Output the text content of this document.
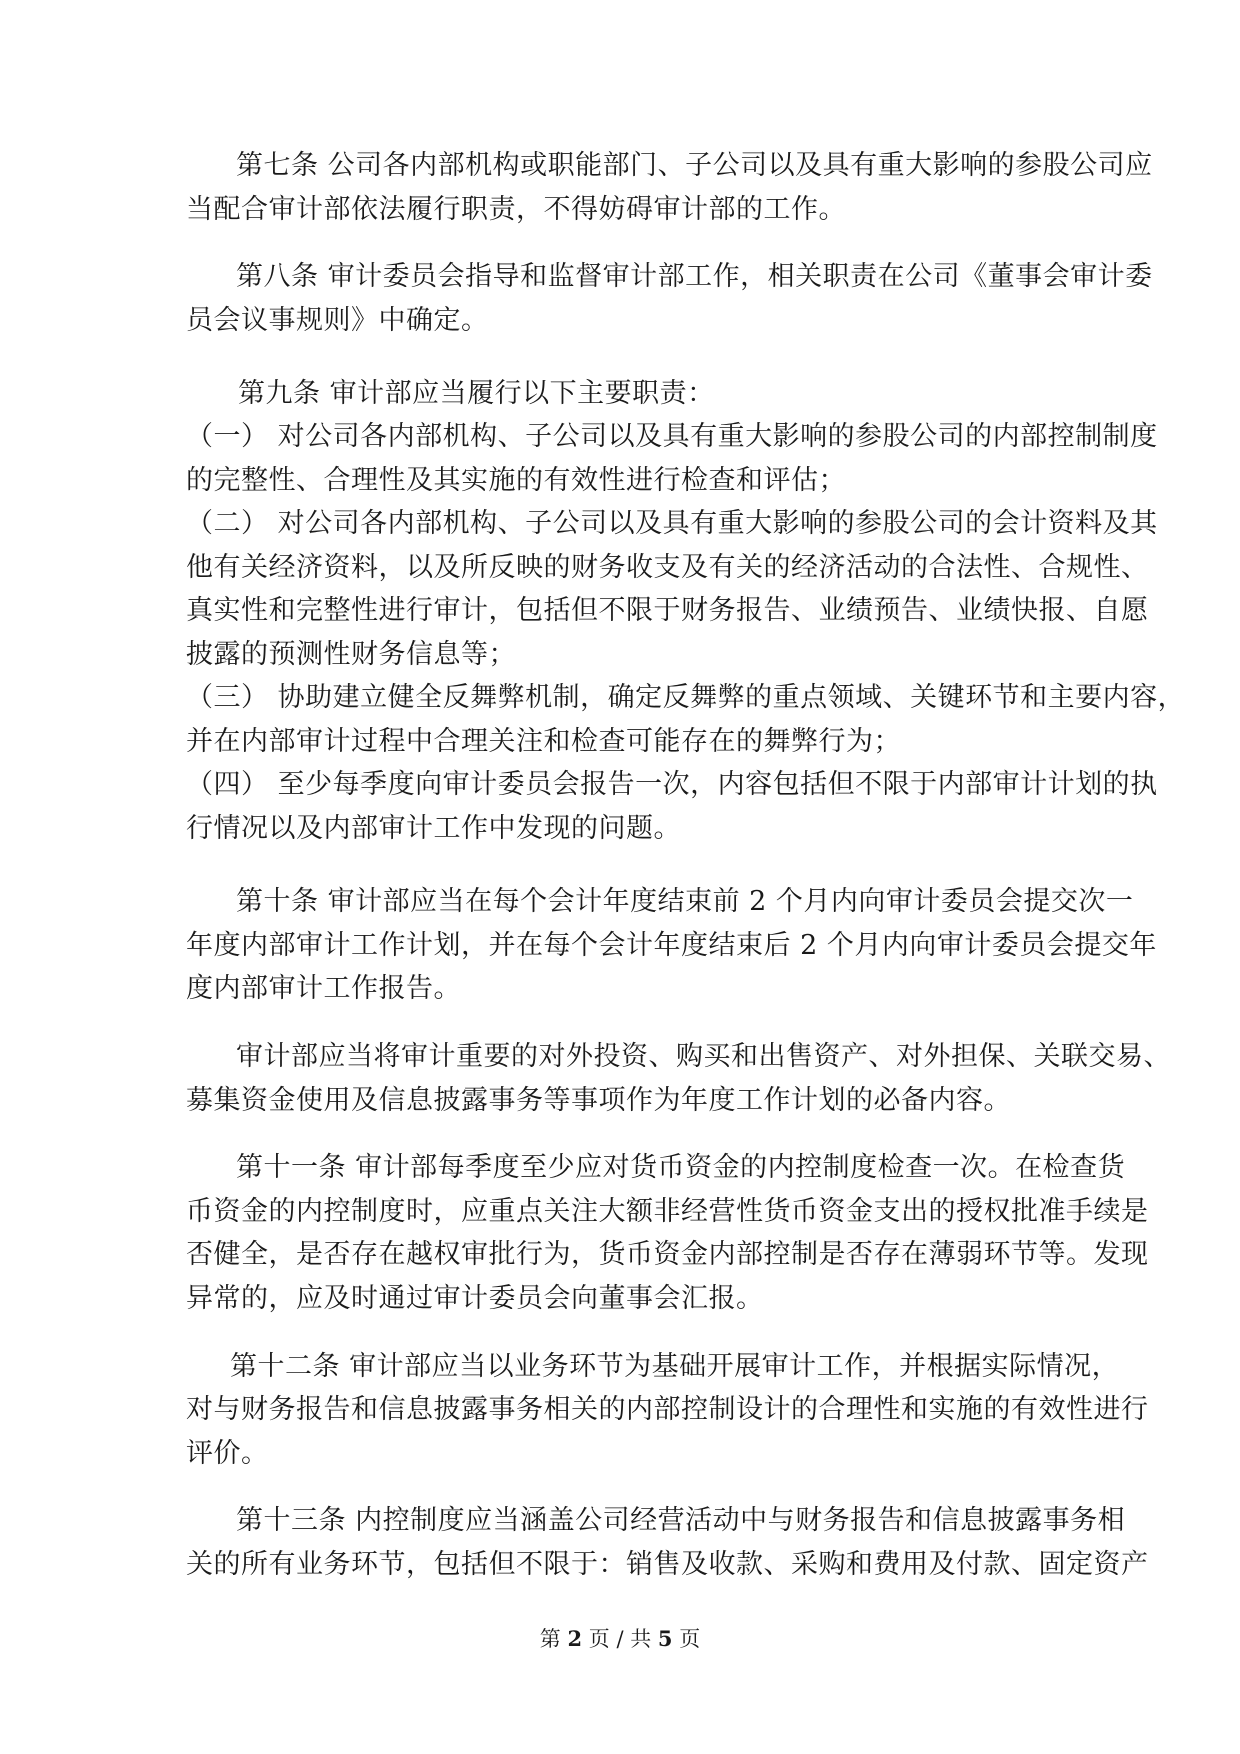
第七条 公司各内部机构或职能部门、子公司以及具有重大影响的参股公司应
当配合审计部依法履行职责，不得妨碍审计部的工作。
第八条 审计委员会指导和监督审计部工作，相关职责在公司《董事会审计委
员会议事规则》中确定。
第九条 审计部应当履行以下主要职责：
（一） 对公司各内部机构、子公司以及具有重大影响的参股公司的内部控制制度
的完整性、合理性及其实施的有效性进行检查和评估；
（二） 对公司各内部机构、子公司以及具有重大影响的参股公司的会计资料及其
他有关经济资料，以及所反映的财务收支及有关的经济活动的合法性、合规性、
真实性和完整性进行审计，包括但不限于财务报告、业绩预告、业绩快报、自愿
披露的预测性财务信息等；
（三） 协助建立健全反舞弊机制，确定反舞弊的重点领域、关键环节和主要内容，
并在内部审计过程中合理关注和检查可能存在的舞弊行为；
（四） 至少每季度向审计委员会报告一次，内容包括但不限于内部审计计划的执
行情况以及内部审计工作中发现的问题。
第十条 审计部应当在每个会计年度结束前 2 个月内向审计委员会提交次一
年度内部审计工作计划，并在每个会计年度结束后 2 个月内向审计委员会提交年
度内部审计工作报告。
审计部应当将审计重要的对外投资、购买和出售资产、对外担保、关联交易、
募集资金使用及信息披露事务等事项作为年度工作计划的必备内容。
第十一条 审计部每季度至少应对货币资金的内控制度检查一次。在检查货
币资金的内控制度时，应重点关注大额非经营性货币资金支出的授权批准手续是
否健全，是否存在越权审批行为，货币资金内部控制是否存在薄弱环节等。发现
异常的，应及时通过审计委员会向董事会汇报。
第十二条 审计部应当以业务环节为基础开展审计工作，并根据实际情况，
对与财务报告和信息披露事务相关的内部控制设计的合理性和实施的有效性进行
评价。
第十三条 内控制度应当涵盖公司经营活动中与财务报告和信息披露事务相
关的所有业务环节，包括但不限于：销售及收款、采购和费用及付款、固定资产
第 2 页 / 共 5 页
